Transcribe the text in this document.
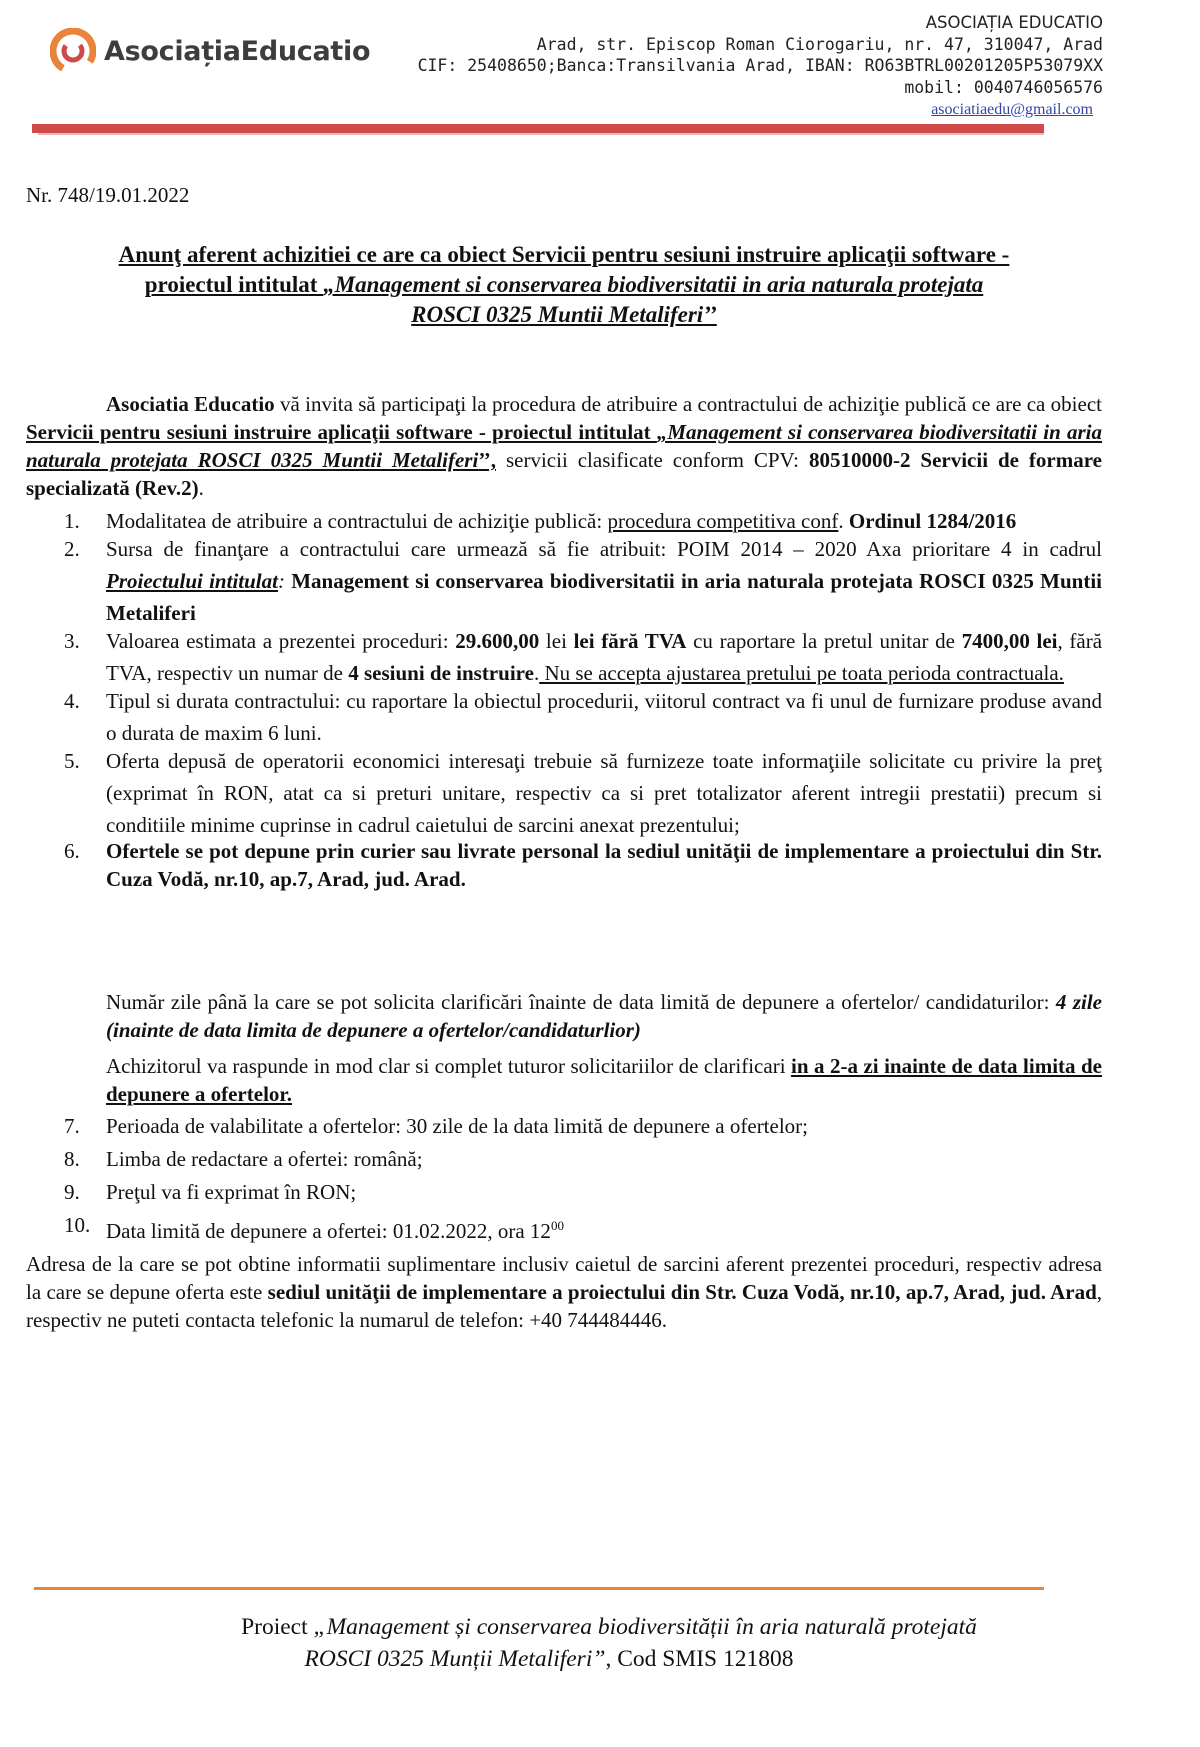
AsociațiaEducatio
ASOCIAȚIA EDUCATIO
Arad, str. Episcop Roman Ciorogariu, nr. 47, 310047, Arad
CIF: 25408650;Banca:Transilvania Arad, IBAN: RO63BTRL00201205P53079XX
mobil: 0040746056576
asociatiaedu@gmail.com
Nr. 748/19.01.2022
Anunţ aferent achizitiei ce are ca obiect Servicii pentru sesiuni instruire aplicaţii software -
proiectul intitulat „Management si conservarea biodiversitatii in aria naturala protejata
ROSCI 0325 Muntii Metaliferi’’
Asociatia Educatio vă invita să participaţi la procedura de atribuire a contractului de achiziţie publică ce are ca obiect Servicii pentru sesiuni instruire aplicaţii software - proiectul intitulat „Management si conservarea biodiversitatii in aria naturala protejata ROSCI 0325 Muntii Metaliferi’’, servicii clasificate conform CPV: 80510000-2 Servicii de formare specializată (Rev.2).
1.	Modalitatea de atribuire a contractului de achiziţie publică: procedura competitiva conf. Ordinul 1284/2016
2.	Sursa de finanţare a contractului care urmează să fie atribuit: POIM 2014 – 2020 Axa prioritare 4 in cadrul Proiectului intitulat: Management si conservarea biodiversitatii in aria naturala protejata ROSCI 0325 Muntii Metaliferi
3.	Valoarea estimata a prezentei proceduri: 29.600,00 lei lei fără TVA cu raportare la pretul unitar de 7400,00 lei, fără TVA, respectiv un numar de 4 sesiuni de instruire. Nu se accepta ajustarea pretului pe toata perioda contractuala.
4.	Tipul si durata contractului: cu raportare la obiectul procedurii, viitorul contract va fi unul de furnizare produse avand o durata de maxim 6 luni.
5.	Oferta depusă de operatorii economici interesaţi trebuie să furnizeze toate informaţiile solicitate cu privire la preţ (exprimat în RON, atat ca si preturi unitare, respectiv ca si pret totalizator aferent intregii prestatii) precum si conditiile minime cuprinse in cadrul caietului de sarcini anexat prezentului;
6.	Ofertele se pot depune prin curier sau livrate personal la sediul unităţii de implementare a proiectului din Str. Cuza Vodă, nr.10, ap.7, Arad, jud. Arad.
Număr zile până la care se pot solicita clarificări înainte de data limită de depunere a ofertelor/ candidaturilor: 4 zile (inainte de data limita de depunere a ofertelor/candidaturlior)
Achizitorul va raspunde in mod clar si complet tuturor solicitariilor de clarificari in a 2-a zi inainte de data limita de depunere a ofertelor.
7. Perioada de valabilitate a ofertelor: 30 zile de la data limită de depunere a ofertelor;
8. Limba de redactare a ofertei: română;
9. Preţul va fi exprimat în RON;
10. Data limită de depunere a ofertei: 01.02.2022, ora $12^{00}$
Adresa de la care se pot obtine informatii suplimentare inclusiv caietul de sarcini aferent prezentei proceduri, respectiv adresa la care se depune oferta este sediul unităţii de implementare a proiectului din Str. Cuza Vodă, nr.10, ap.7, Arad, jud. Arad, respectiv ne puteti contacta telefonic la numarul de telefon: +40 744484446.
Proiect „Management și conservarea biodiversității în aria naturală protejată
ROSCI 0325 Munții Metaliferi”, Cod SMIS 121808
